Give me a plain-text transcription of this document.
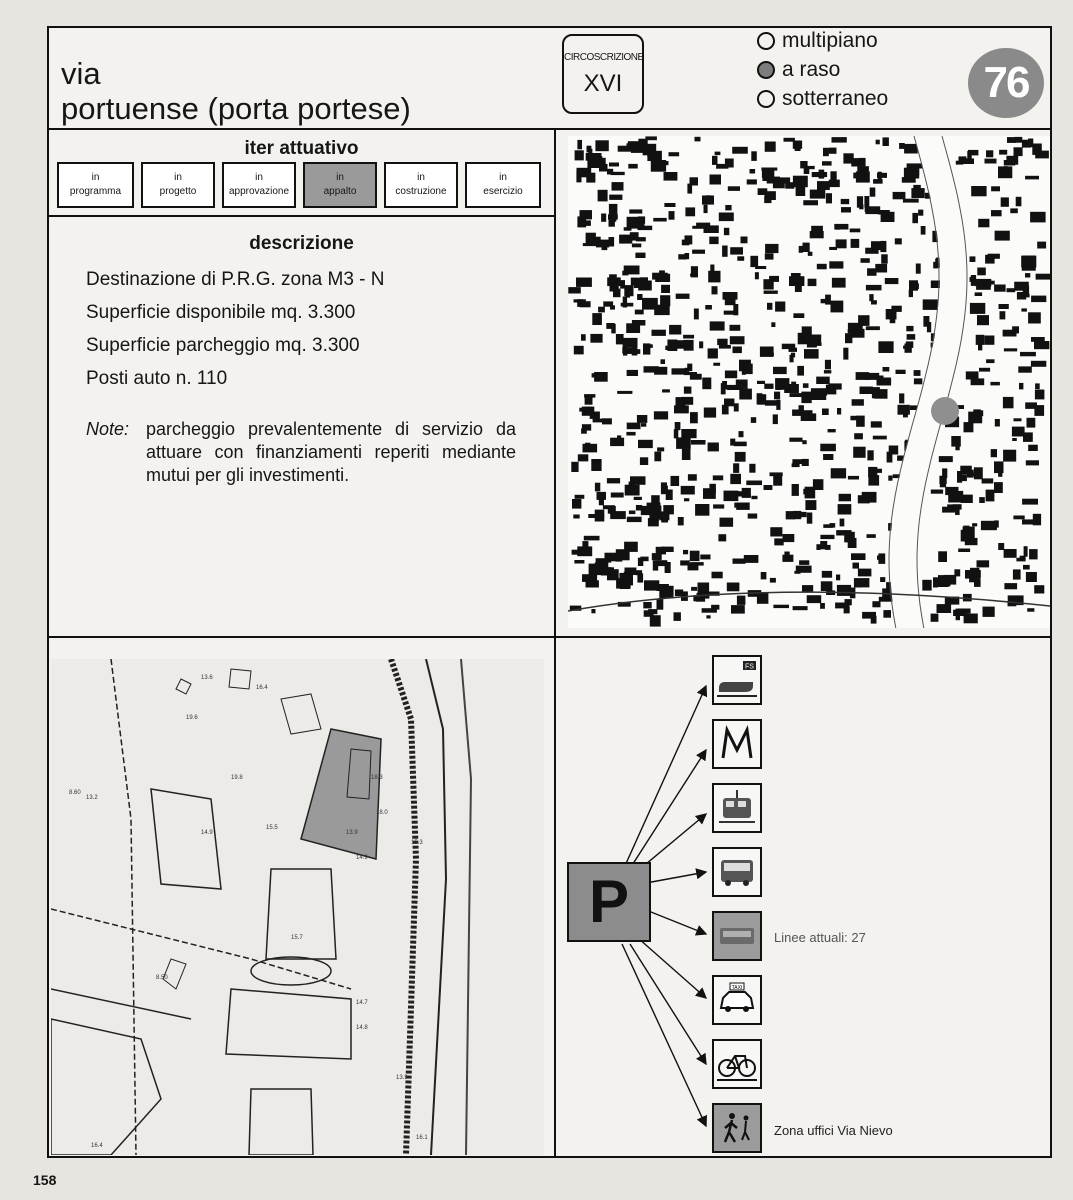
via
portuense (porta portese)
CIRCOSCRIZIONE
XVI
multipiano
a raso
sotterraneo	76
iter attuativo
in
programma
in
progetto
in
approvazione
in
appalto
in
costruzione
in
esercizio
descrizione
Destinazione di P.R.G. zona M3 - N
Superficie disponibile mq. 3.300
Superficie parcheggio mq. 3.300
Posti auto n. 110
Note: parcheggio prevalentemente di servizio da attuare con finanziamenti reperiti mediante mutui per gli investimenti.
13.6
19.6
16.4
19.8
14.9
18.3
18.0
13.9
15.5
14.9
15.3
15.7
8.50
14.7
14.8
13.9
16.1
16.4
8.60
13.2
P
FS
TAXI
Linee attuali: 27
Zona uffici Via Nievo
158
